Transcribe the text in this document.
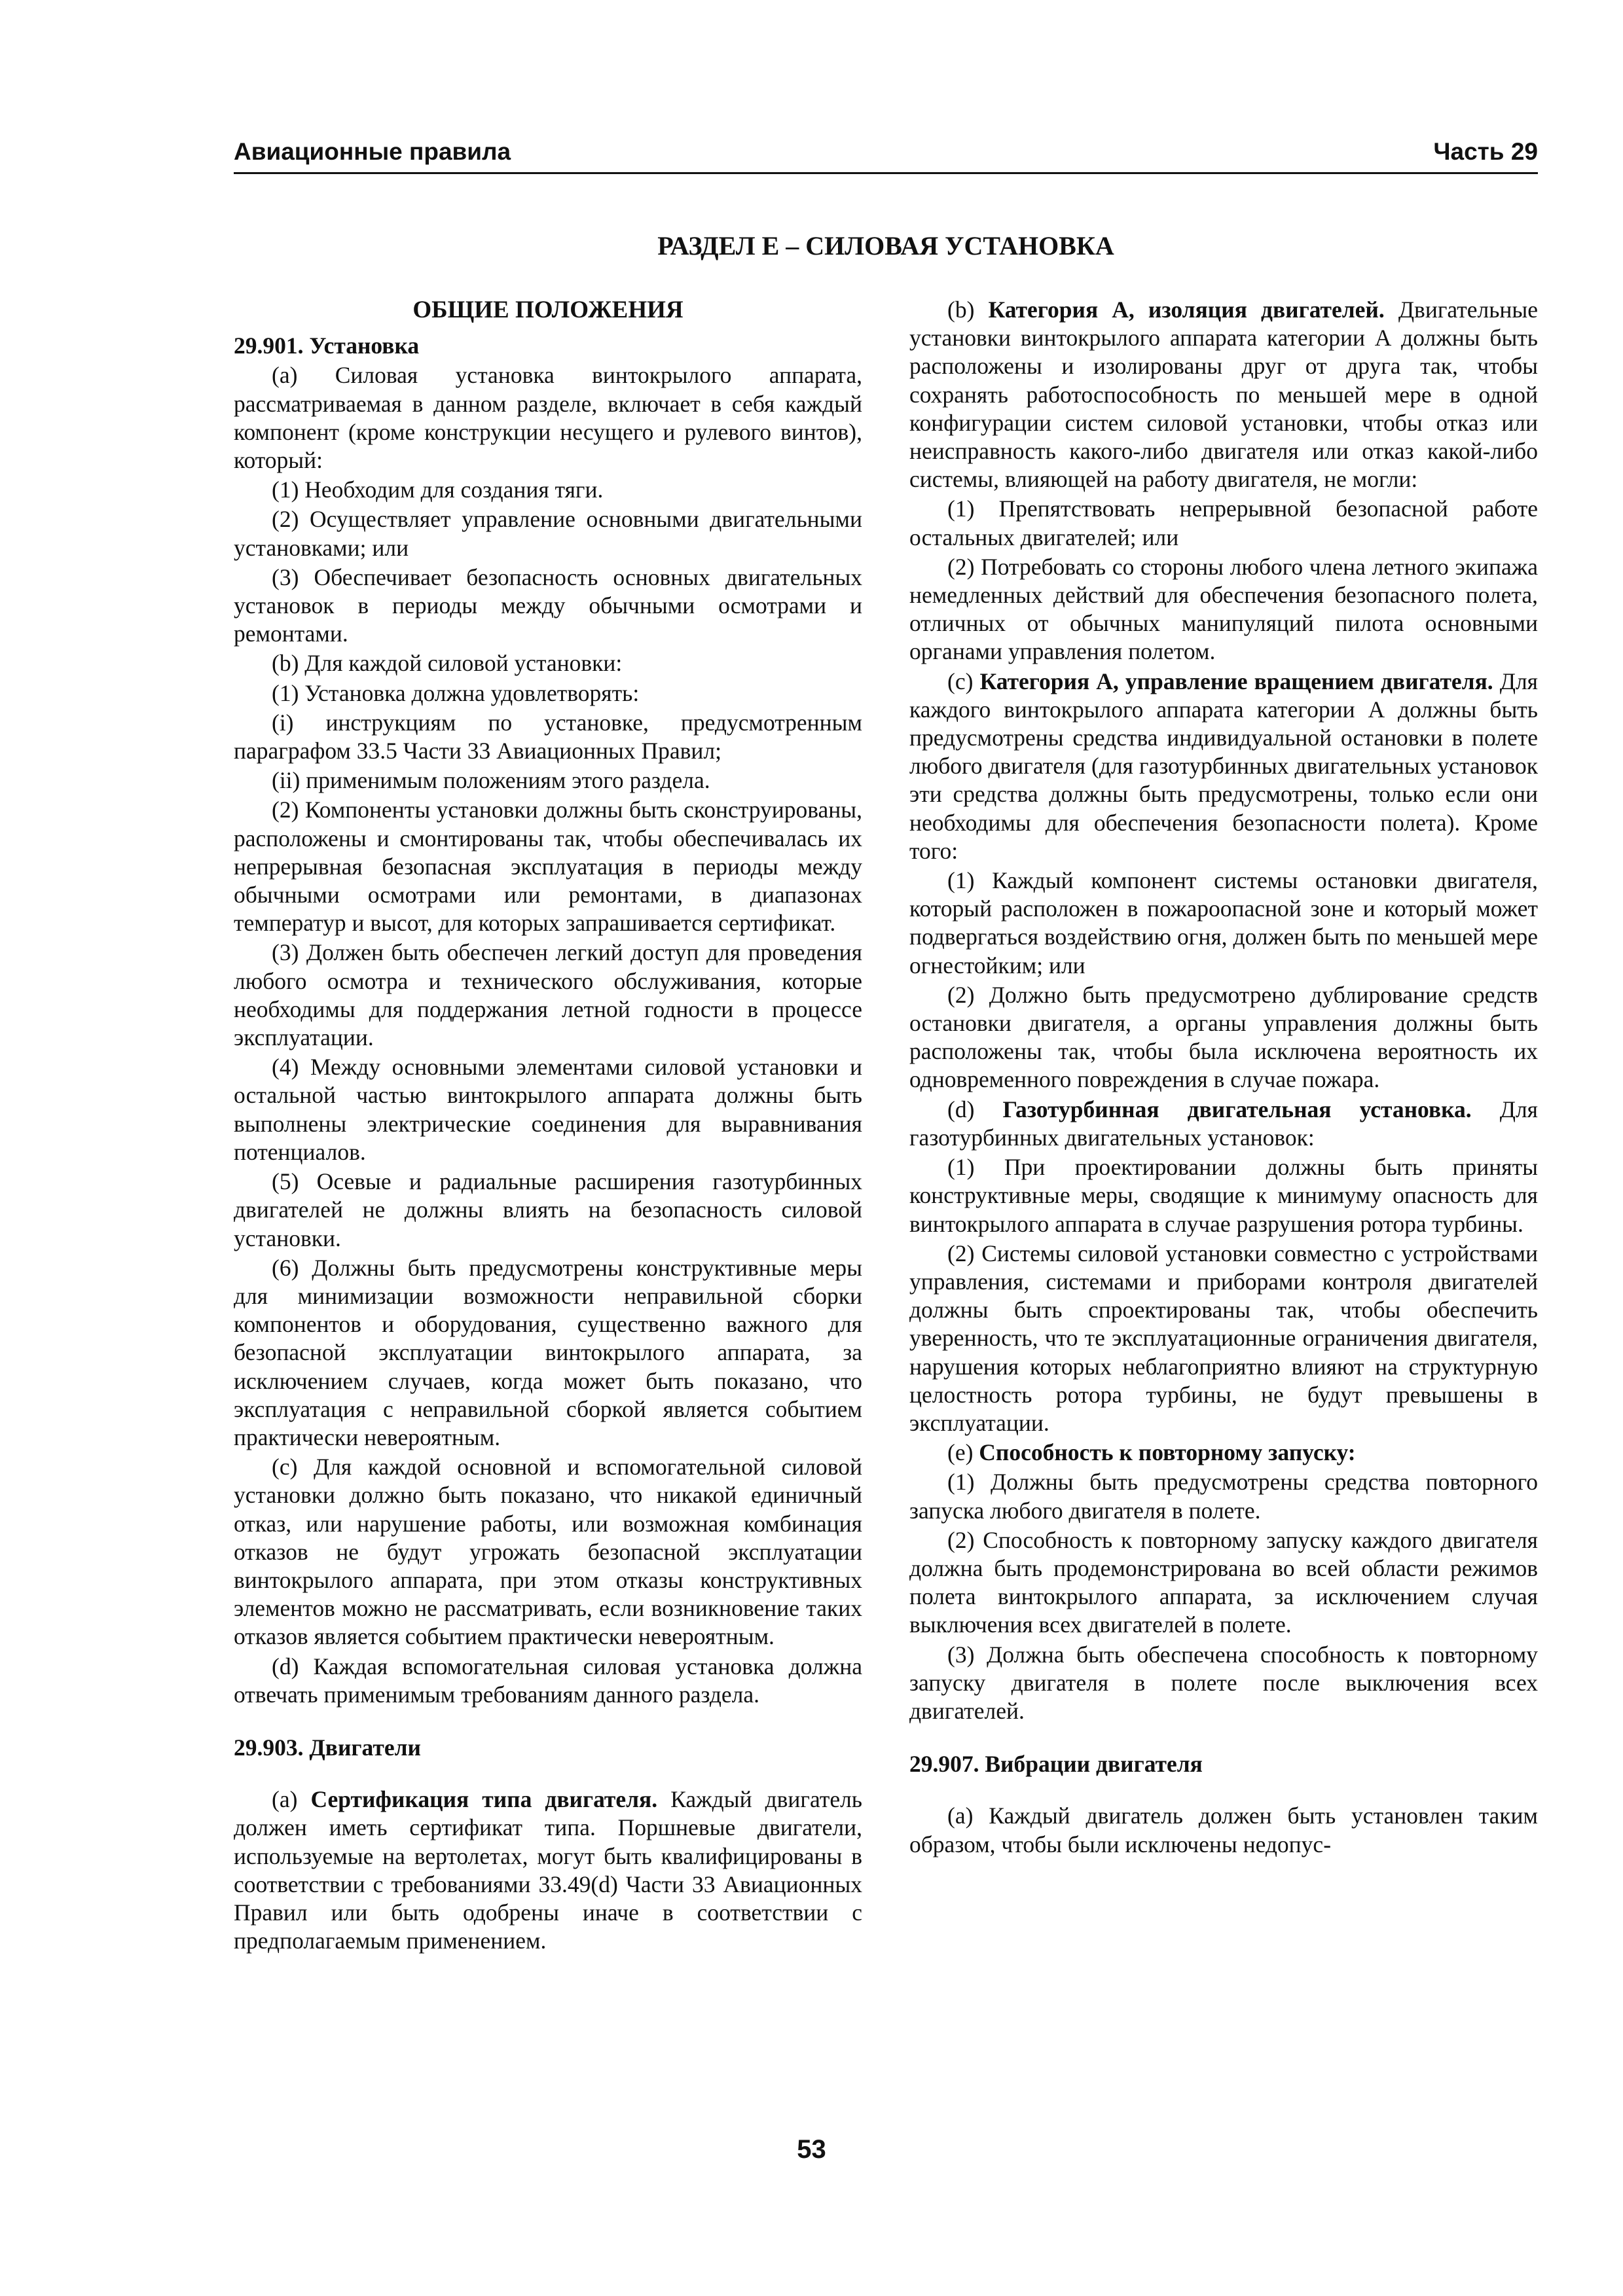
Авиационные правила	Часть 29
РАЗДЕЛ Е – СИЛОВАЯ УСТАНОВКА

ОБЩИЕ ПОЛОЖЕНИЯ

29.901. Установка

(a) Силовая установка винтокрылого аппарата, рассматриваемая в данном разделе, включает в себя каждый компонент (кроме конструкции несущего и рулевого винтов), который:

(1) Необходим для создания тяги.

(2) Осуществляет управление основными двигательными установками; или

(3) Обеспечивает безопасность основных двигательных установок в периоды между обычными осмотрами и ремонтами.

(b) Для каждой силовой установки:

(1) Установка должна удовлетворять:

(i) инструкциям по установке, предусмотренным параграфом 33.5 Части 33 Авиационных Правил;

(ii) применимым положениям этого раздела.

(2) Компоненты установки должны быть сконструированы, расположены и смонтированы так, чтобы обеспечивалась их непрерывная безопасная эксплуатация в периоды между обычными осмотрами или ремонтами, в диапазонах температур и высот, для которых запрашивается сертификат.

(3) Должен быть обеспечен легкий доступ для проведения любого осмотра и технического обслуживания, которые необходимы для поддержания летной годности в процессе эксплуатации.

(4) Между основными элементами силовой установки и остальной частью винтокрылого аппарата должны быть выполнены электрические соединения для выравнивания потенциалов.

(5) Осевые и радиальные расширения газотурбинных двигателей не должны влиять на безопасность силовой установки.

(6) Должны быть предусмотрены конструктивные меры для минимизации возможности неправильной сборки компонентов и оборудования, существенно важного для безопасной эксплуатации винтокрылого аппарата, за исключением случаев, когда может быть показано, что эксплуатация с неправильной сборкой является событием практически невероятным.

(c) Для каждой основной и вспомогательной силовой установки должно быть показано, что никакой единичный отказ, или нарушение работы, или возможная комбинация отказов не будут угрожать безопасной эксплуатации винтокрылого аппарата, при этом отказы конструктивных элементов можно не рассматривать, если возникновение таких отказов является событием практически невероятным.

(d) Каждая вспомогательная силовая установка должна отвечать применимым требованиям данного раздела.

29.903. Двигатели

(a) Сертификация типа двигателя. Каждый двигатель должен иметь сертификат типа. Поршневые двигатели, используемые на вертолетах, могут быть квалифицированы в соответствии с требованиями 33.49(d) Части 33 Авиационных Правил или быть одобрены иначе в соответствии с предполагаемым применением.

(b) Категория А, изоляция двигателей. Двигательные установки винтокрылого аппарата категории А должны быть расположены и изолированы друг от друга так, чтобы сохранять работоспособность по меньшей мере в одной конфигурации систем силовой установки, чтобы отказ или неисправность какого-либо двигателя или отказ какой-либо системы, влияющей на работу двигателя, не могли:

(1) Препятствовать непрерывной безопасной работе остальных двигателей; или

(2) Потребовать со стороны любого члена летного экипажа немедленных действий для обеспечения безопасного полета, отличных от обычных манипуляций пилота основными органами управления полетом.

(c) Категория А, управление вращением двигателя. Для каждого винтокрылого аппарата категории А должны быть предусмотрены средства индивидуальной остановки в полете любого двигателя (для газотурбинных двигательных установок эти средства должны быть предусмотрены, только если они необходимы для обеспечения безопасности полета). Кроме того:

(1) Каждый компонент системы остановки двигателя, который расположен в пожароопасной зоне и который может подвергаться воздействию огня, должен быть по меньшей мере огнестойким; или

(2) Должно быть предусмотрено дублирование средств остановки двигателя, а органы управления должны быть расположены так, чтобы была исключена вероятность их одновременного повреждения в случае пожара.

(d) Газотурбинная двигательная установка. Для газотурбинных двигательных установок:

(1) При проектировании должны быть приняты конструктивные меры, сводящие к минимуму опасность для винтокрылого аппарата в случае разрушения ротора турбины.

(2) Системы силовой установки совместно с устройствами управления, системами и приборами контроля двигателей должны быть спроектированы так, чтобы обеспечить уверенность, что те эксплуатационные ограничения двигателя, нарушения которых неблагоприятно влияют на структурную целостность ротора турбины, не будут превышены в эксплуатации.

(e) Способность к повторному запуску:

(1) Должны быть предусмотрены средства повторного запуска любого двигателя в полете.

(2) Способность к повторному запуску каждого двигателя должна быть продемонстрирована во всей области режимов полета винтокрылого аппарата, за исключением случая выключения всех двигателей в полете.

(3) Должна быть обеспечена способность к повторному запуску двигателя в полете после выключения всех двигателей.

29.907. Вибрации двигателя

(a) Каждый двигатель должен быть установлен таким образом, чтобы были исключены недопус-

53
